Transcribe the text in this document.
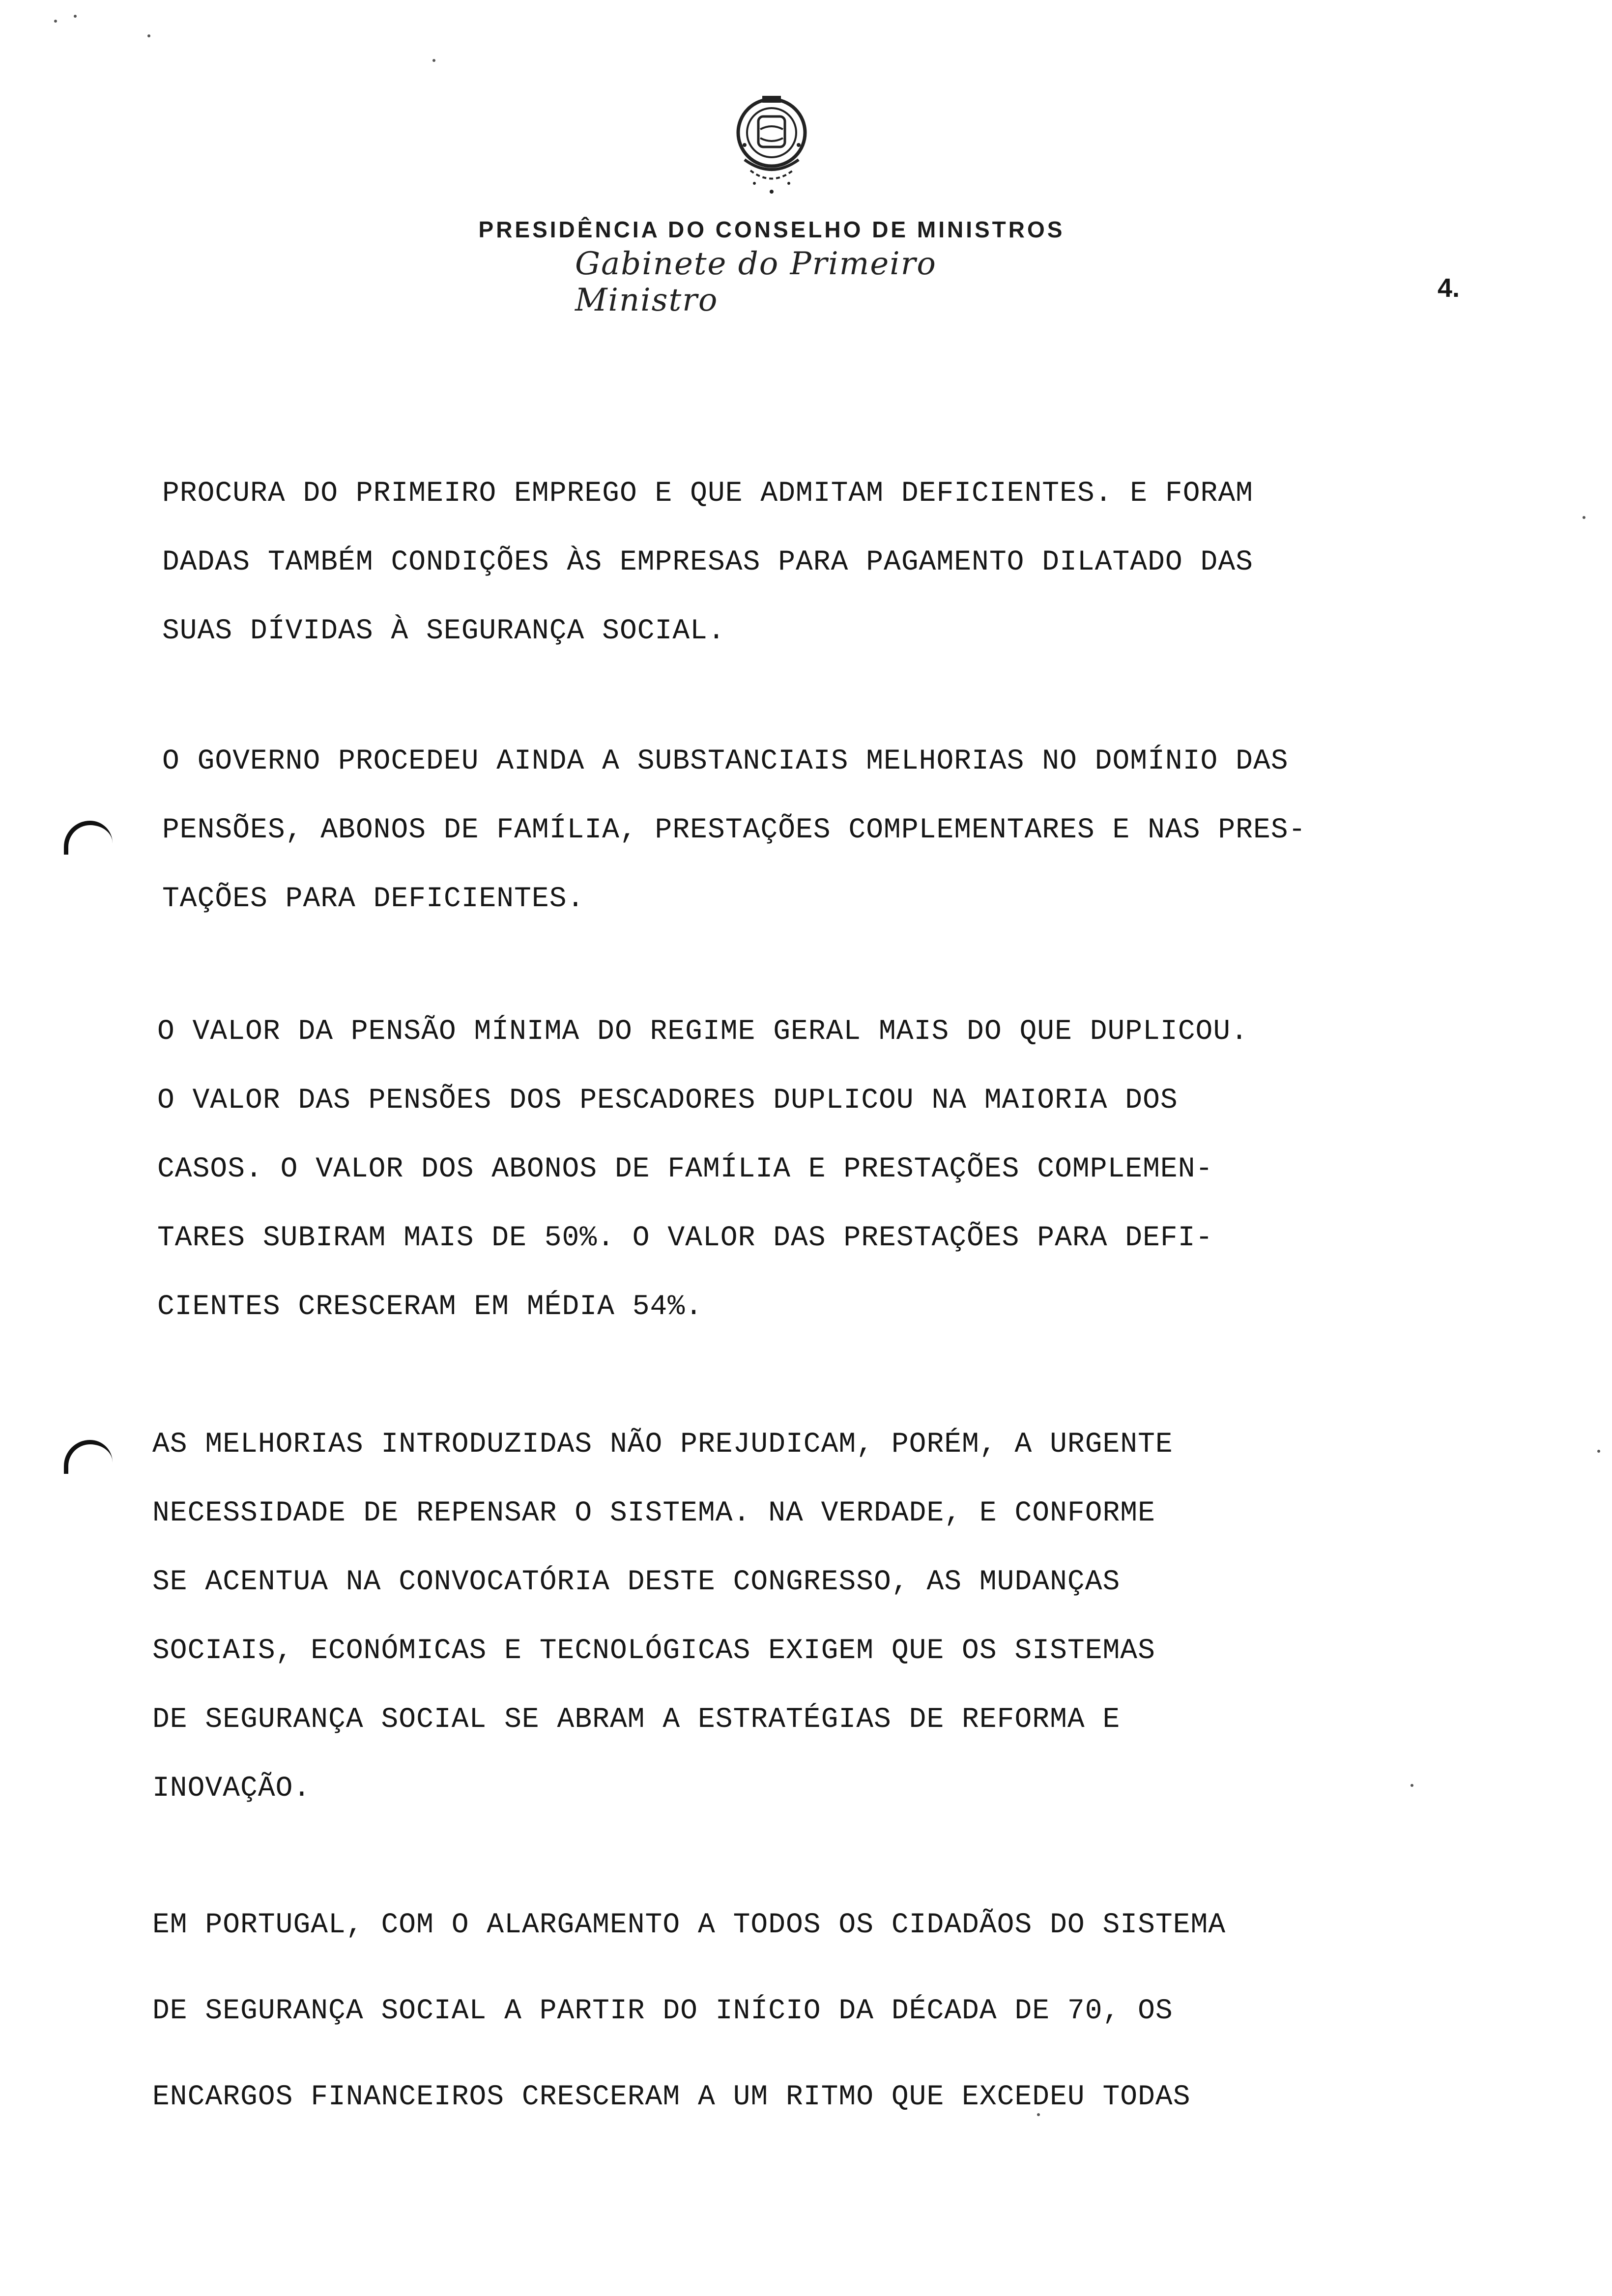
PRESIDÊNCIA DO CONSELHO DE MINISTROS
Gabinete do Primeiro Ministro	4.
PROCURA DO PRIMEIRO EMPREGO E QUE ADMITAM DEFICIENTES. E FORAM
DADAS TAMBÉM CONDIÇÕES ÀS EMPRESAS PARA PAGAMENTO DILATADO DAS
SUAS DÍVIDAS À SEGURANÇA SOCIAL.
O GOVERNO PROCEDEU AINDA A SUBSTANCIAIS MELHORIAS NO DOMÍNIO DAS
PENSÕES, ABONOS DE FAMÍLIA, PRESTAÇÕES COMPLEMENTARES E NAS PRES-
TAÇÕES PARA DEFICIENTES.
O VALOR DA PENSÃO MÍNIMA DO REGIME GERAL MAIS DO QUE DUPLICOU.
O VALOR DAS PENSÕES DOS PESCADORES DUPLICOU NA MAIORIA DOS
CASOS. O VALOR DOS ABONOS DE FAMÍLIA E PRESTAÇÕES COMPLEMEN-
TARES SUBIRAM MAIS DE 50%. O VALOR DAS PRESTAÇÕES PARA DEFI-
CIENTES CRESCERAM EM MÉDIA 54%.
AS MELHORIAS INTRODUZIDAS NÃO PREJUDICAM, PORÉM, A URGENTE
NECESSIDADE DE REPENSAR O SISTEMA. NA VERDADE, E CONFORME
SE ACENTUA NA CONVOCATÓRIA DESTE CONGRESSO, AS MUDANÇAS
SOCIAIS, ECONÓMICAS E TECNOLÓGICAS EXIGEM QUE OS SISTEMAS
DE SEGURANÇA SOCIAL SE ABRAM A ESTRATÉGIAS DE REFORMA E
INOVAÇÃO.
EM PORTUGAL, COM O ALARGAMENTO A TODOS OS CIDADÃOS DO SISTEMA
DE SEGURANÇA SOCIAL A PARTIR DO INÍCIO DA DÉCADA DE 70, OS
ENCARGOS FINANCEIROS CRESCERAM A UM RITMO QUE EXCEDEU TODAS
